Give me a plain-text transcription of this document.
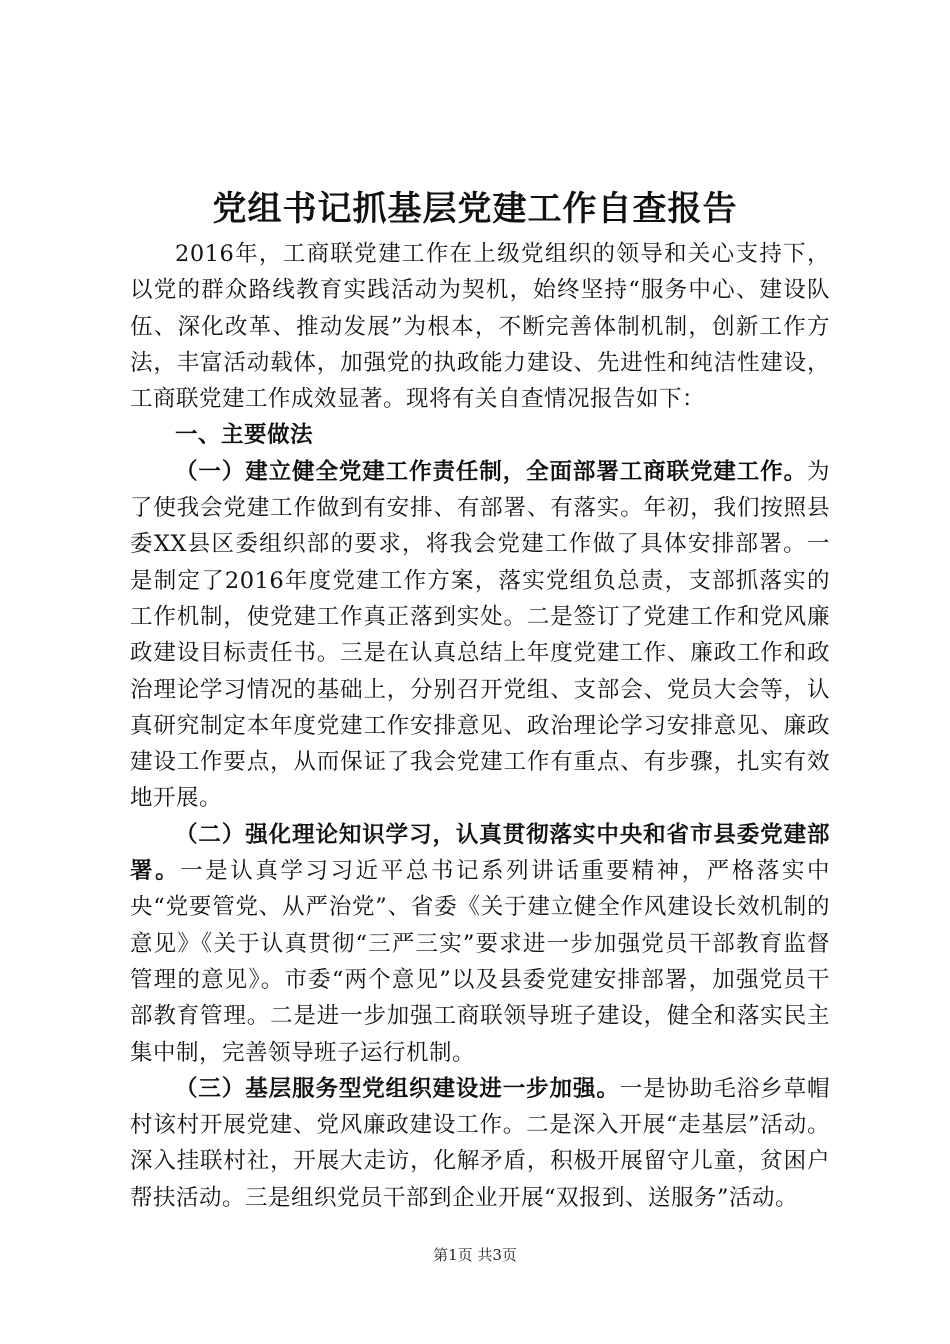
党组书记抓基层党建工作自查报告

2016年，工商联党建工作在上级党组织的领导和关心支持下，以党的群众路线教育实践活动为契机，始终坚持“服务中心、建设队伍、深化改革、推动发展”为根本，不断完善体制机制，创新工作方法，丰富活动载体，加强党的执政能力建设、先进性和纯洁性建设，工商联党建工作成效显著。现将有关自查情况报告如下：

一、主要做法

（一）建立健全党建工作责任制，全面部署工商联党建工作。为了使我会党建工作做到有安排、有部署、有落实。年初，我们按照县委XX县区委组织部的要求，将我会党建工作做了具体安排部署。一是制定了2016年度党建工作方案，落实党组负总责，支部抓落实的工作机制，使党建工作真正落到实处。二是签订了党建工作和党风廉政建设目标责任书。三是在认真总结上年度党建工作、廉政工作和政治理论学习情况的基础上，分别召开党组、支部会、党员大会等，认真研究制定本年度党建工作安排意见、政治理论学习安排意见、廉政建设工作要点，从而保证了我会党建工作有重点、有步骤，扎实有效地开展。

（二）强化理论知识学习，认真贯彻落实中央和省市县委党建部署。一是认真学习习近平总书记系列讲话重要精神，严格落实中央“党要管党、从严治党”、省委《关于建立健全作风建设长效机制的意见》《关于认真贯彻“三严三实”要求进一步加强党员干部教育监督管理的意见》。市委“两个意见”以及县委党建安排部署，加强党员干部教育管理。二是进一步加强工商联领导班子建设，健全和落实民主集中制，完善领导班子运行机制。

（三）基层服务型党组织建设进一步加强。一是协助毛浴乡草帽村该村开展党建、党风廉政建设工作。二是深入开展“走基层”活动。深入挂联村社，开展大走访，化解矛盾，积极开展留守儿童，贫困户帮扶活动。三是组织党员干部到企业开展“双报到、送服务”活动。

第1页 共3页
